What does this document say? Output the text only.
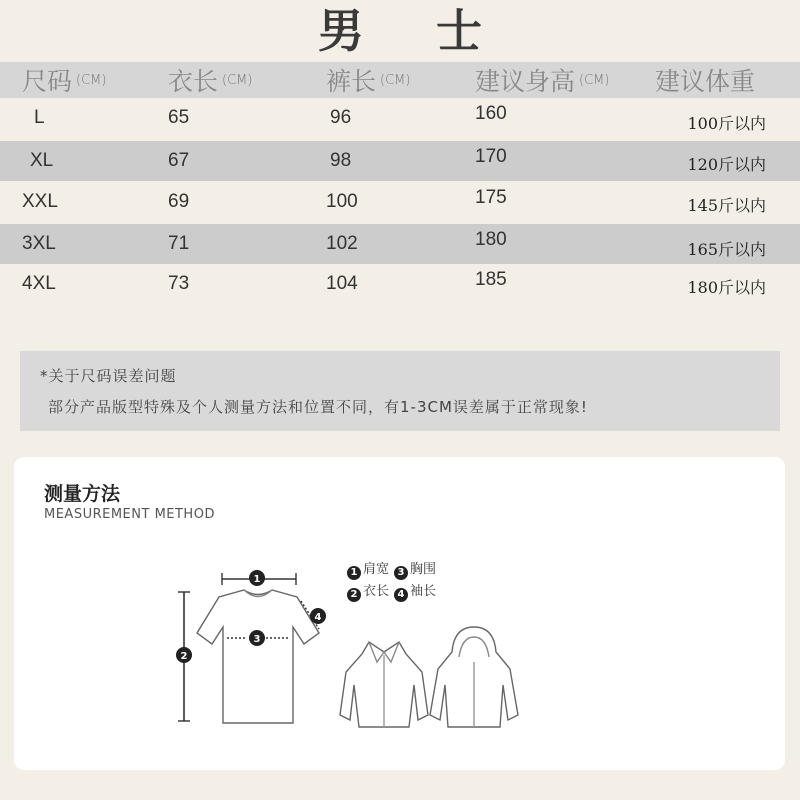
男 士
尺码 (CM) 衣长 (CM)	裤长 (CM)	建议身高 (CM) 建议体重
L	65	96	160	100斤以内
XL	67	98	170	120斤以内
XXL	69	100	175	145斤以内
3XL	71	102	180	165斤以内
4XL	73	104	185	180斤以内
*关于尺码误差问题
部分产品版型特殊及个人测量方法和位置不同，有1-3CM误差属于正常现象!
测量方法
MEASUREMENT METHOD
1 肩宽 3 胸围
2 衣长 4 袖长
1
2
3
4
